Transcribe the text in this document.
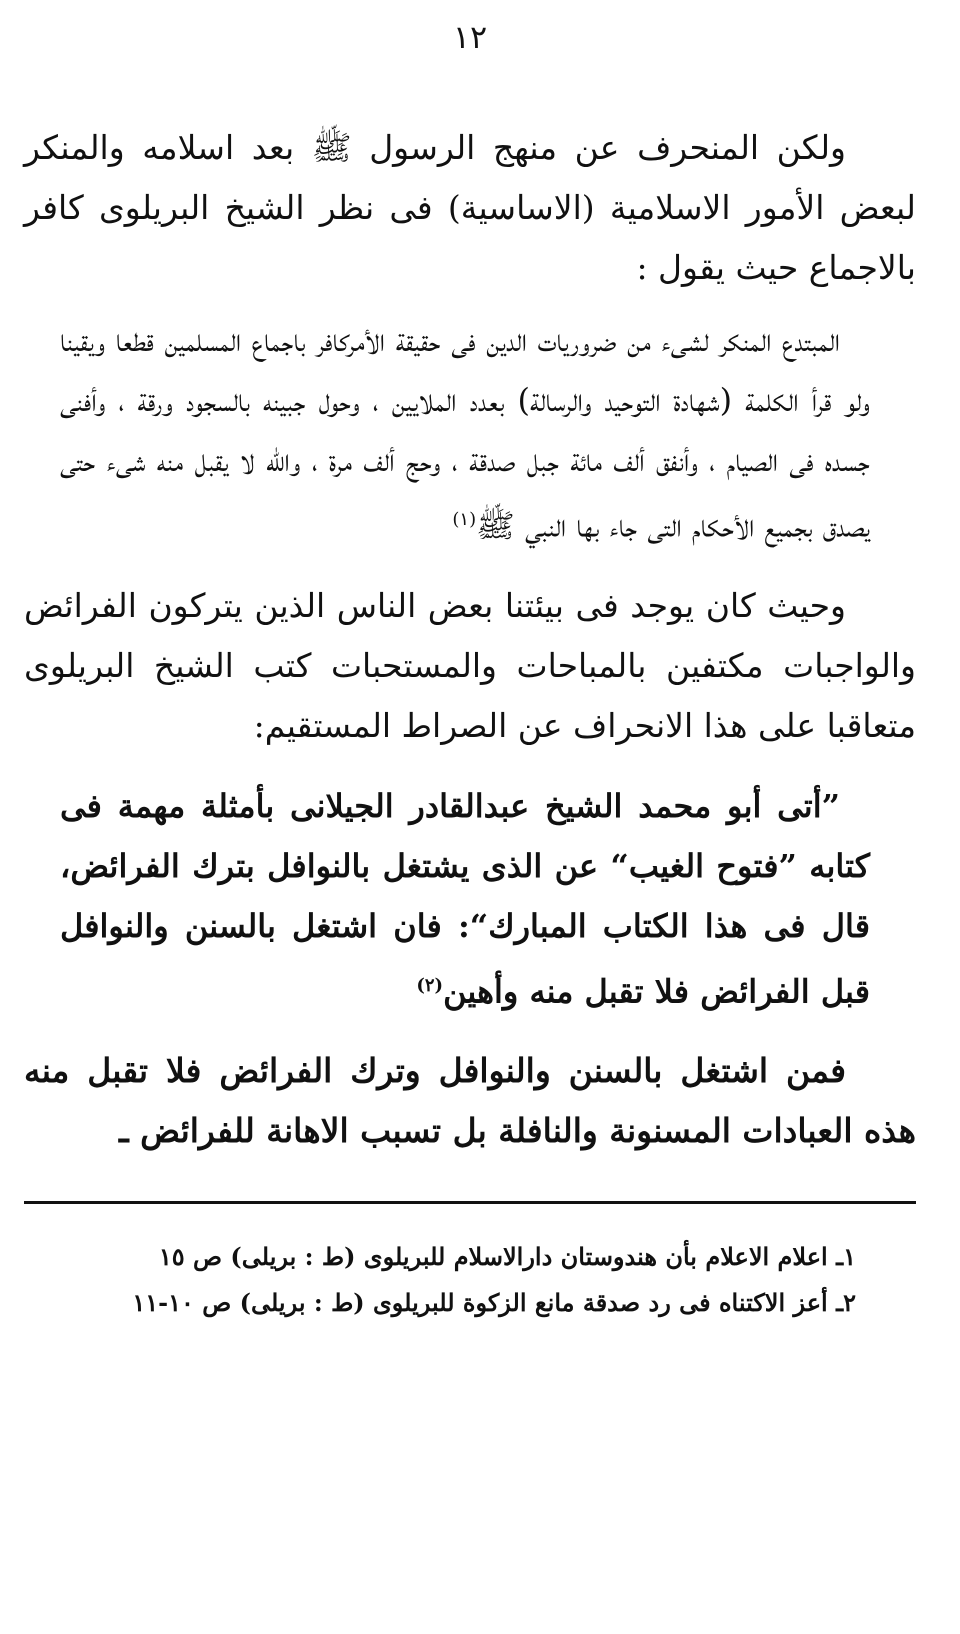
١٢

ولكن المنحرف عن منهج الرسول ﷺ بعد اسلامه والمنكر لبعض الأمور الاسلامية (الاساسية) فى نظر الشيخ البريلوى كافر بالاجماع حيث يقول :

المبتدع المنكر لشىء من ضروريات الدين فى حقيقة الأمركافر باجماع المسلمين قطعا ويقينا ولو قرأ الكلمة (شهادة التوحيد والرسالة) بعدد الملايين ، وحول جبينه بالسجود ورقة ، وأفنى جسده فى الصيام ، وأنفق ألف مائة جبل صدقة ، وحج ألف مرة ، والله لا يقبل منه شىء حتى يصدق بجميع الأحكام التى جاء بها النبي ﷺ$^{(١)}$

وحيث كان يوجد فى بيئتنا بعض الناس الذين يتركون الفرائض والواجبات مكتفين بالمباحات والمستحبات كتب الشيخ البريلوى متعاقبا على هذا الانحراف عن الصراط المستقيم:

”أتى أبو محمد الشيخ عبدالقادر الجيلانى بأمثلة مهمة فى كتابه ”فتوح الغيب“ عن الذى يشتغل بالنوافل بترك الفرائض، قال فى هذا الكتاب المبارك“: فان اشتغل بالسنن والنوافل قبل الفرائض فلا تقبل منه وأهين$^{(٢)}$

فمن اشتغل بالسنن والنوافل وترك الفرائض فلا تقبل منه هذه العبادات المسنونة والنافلة بل تسبب الاهانة للفرائض ـ

١ـ اعلام الاعلام بأن هندوستان دارالاسلام للبريلوى (ط : بريلى) ص ١٥
٢ـ أعز الاكتناه فى رد صدقة مانع الزكوة للبريلوى (ط : بريلى) ص ١٠-١١
